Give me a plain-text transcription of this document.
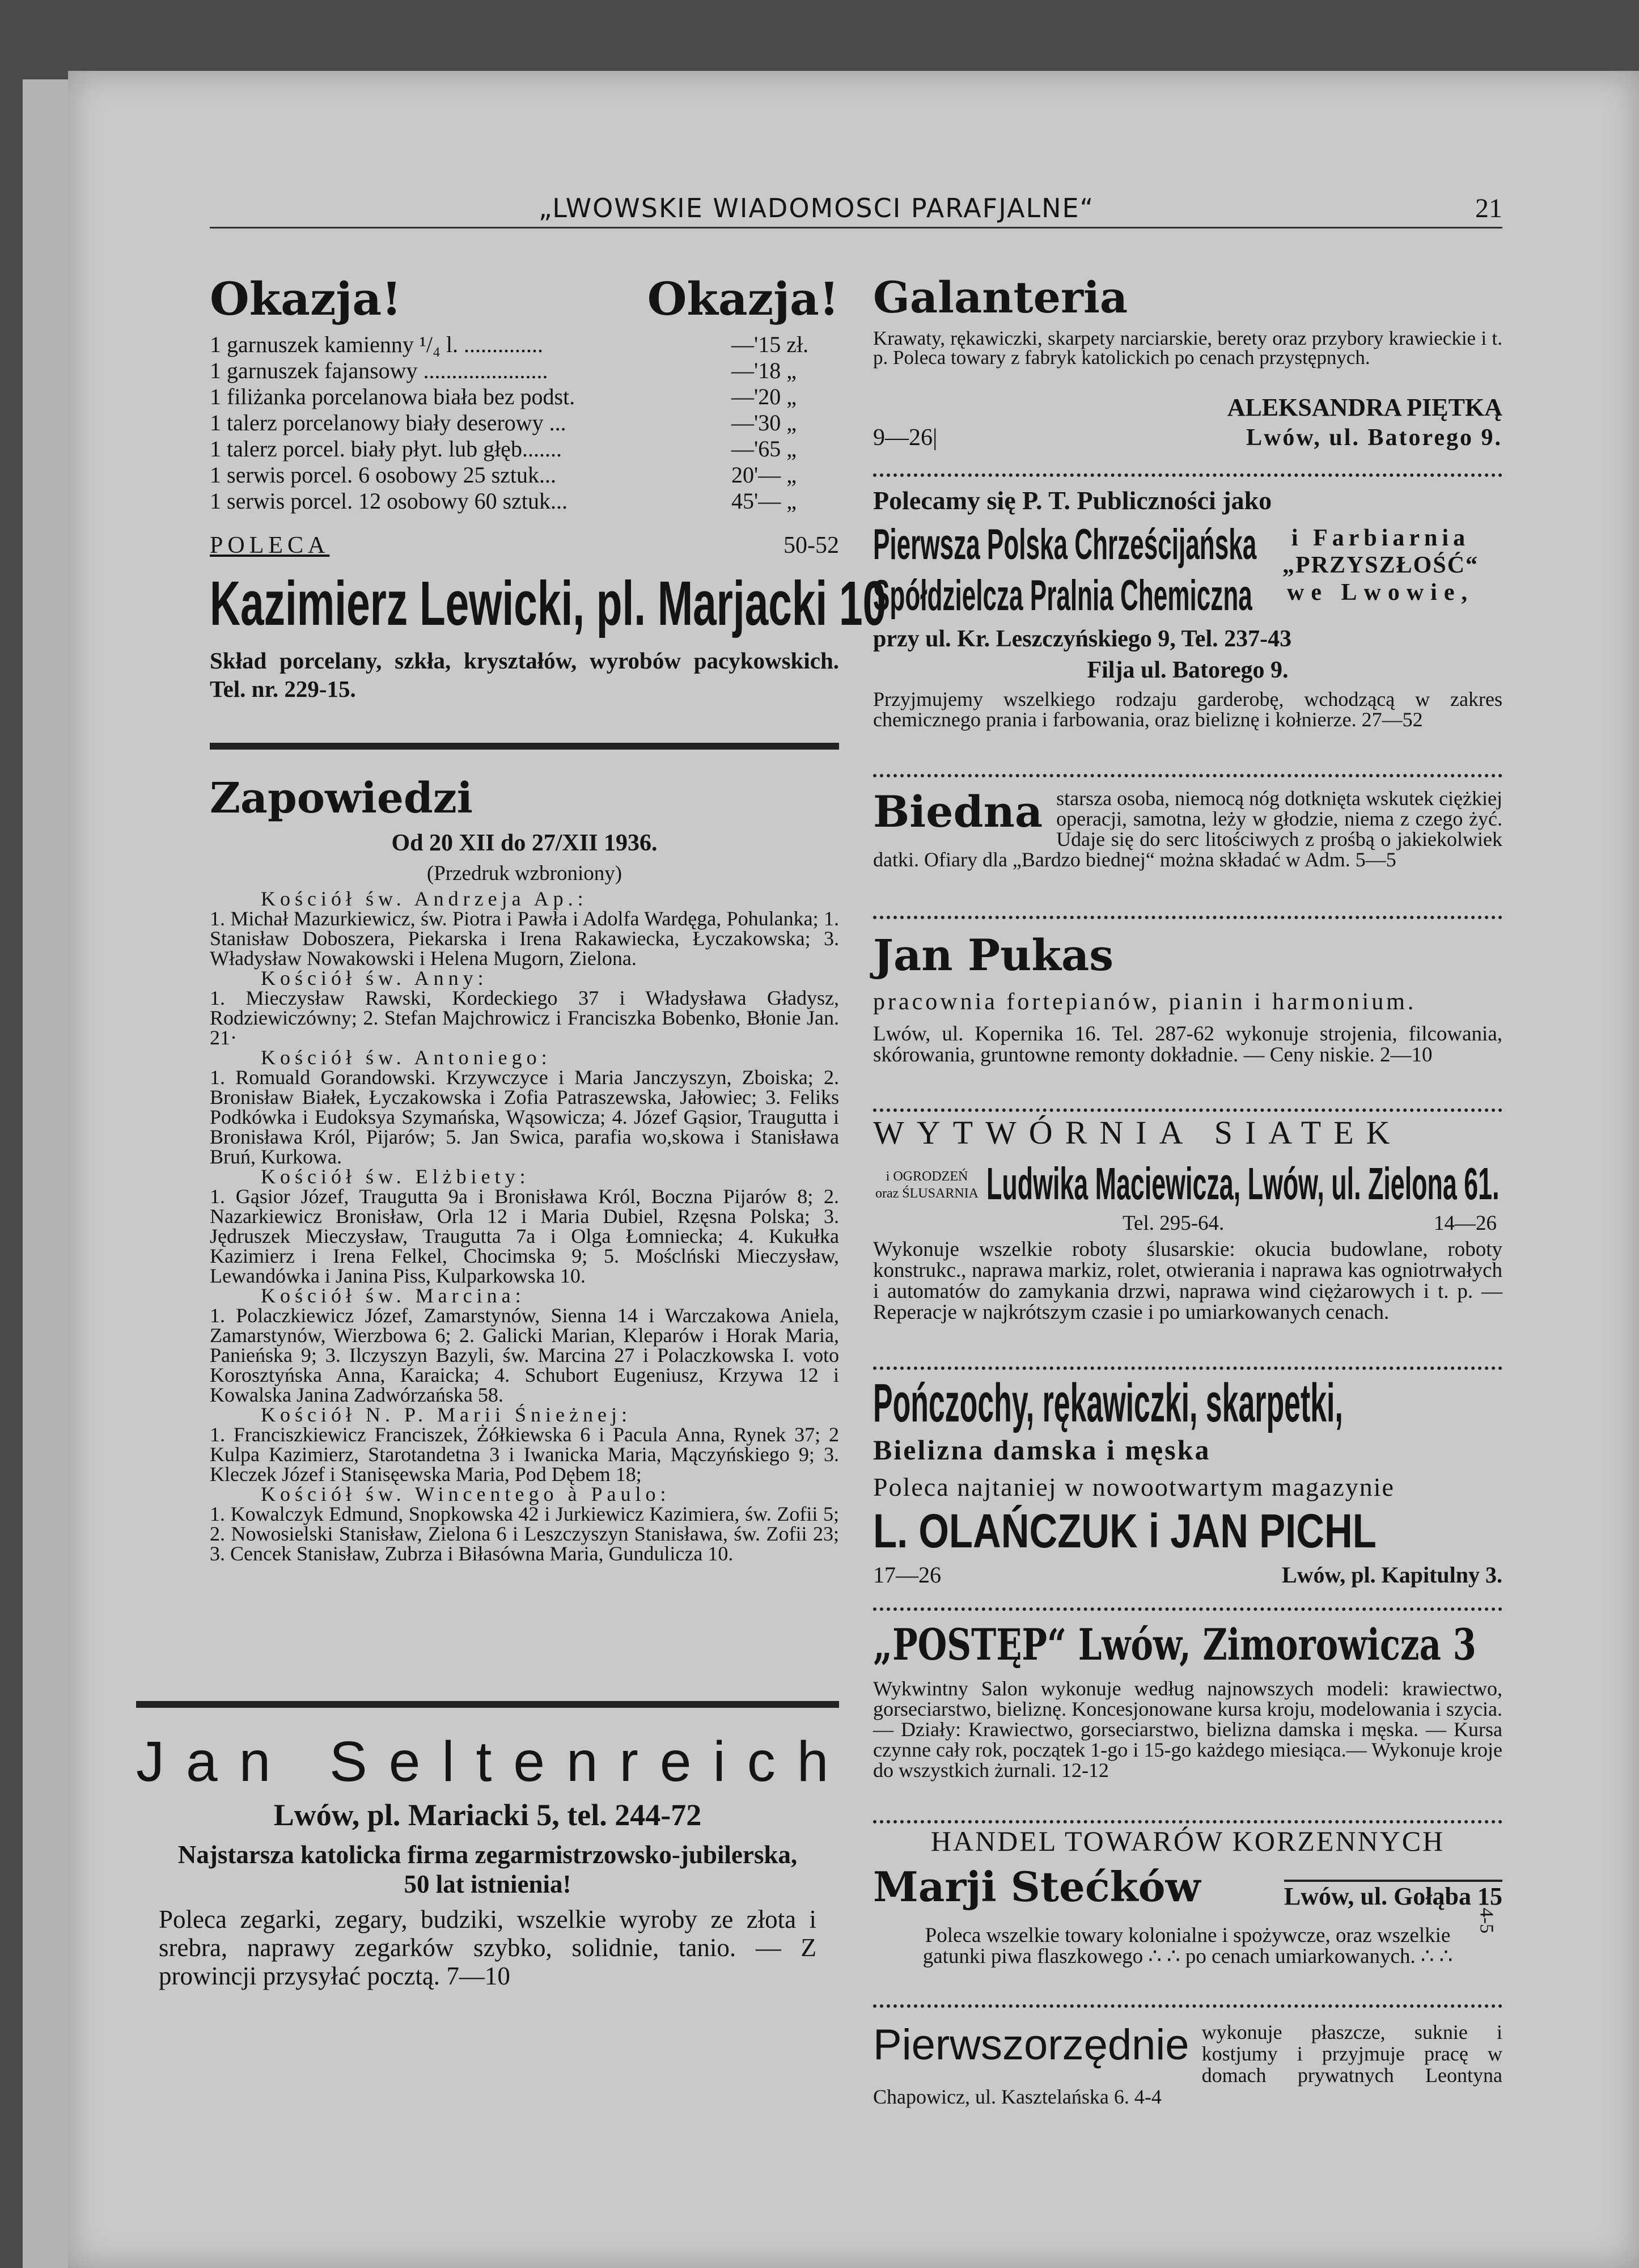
„LWOWSKIE WIADOMOSCI PARAFJALNE“	21
Okazja!	Okazja!
1 garnuszek kamienny ¹/₄ l. ..............	—'15 zł.
1 garnuszek fajansowy ......................	—'18 „
1 filiżanka porcelanowa biała bez podst.	—'20 „
1 talerz porcelanowy biały deserowy ...	—'30 „
1 talerz porcel. biały płyt. lub głęb.......	—'65 „
1 serwis porcel. 6 osobowy 25 sztuk...	20'— „
1 serwis porcel. 12 osobowy 60 sztuk...	45'— „
POLECA	50-52
Kazimierz Lewicki, pl. Marjacki 10
Skład porcelany, szkła, kryształów, wyrobów pacykowskich. Tel. nr. 229-15.
Zapowiedzi
Od 20 XII do 27/XII 1936.
(Przedruk wzbroniony)
Kościół św. Andrzeja Ap.:
1. Michał Mazurkiewicz, św. Piotra i Pawła i Adolfa Wardęga, Pohulanka; 1. Stanisław Doboszera, Piekarska i Irena Rakawiecka, Łyczakowska; 3. Władysław Nowakowski i Helena Mugorn, Zielona.
Kościół św. Anny:
1. Mieczysław Rawski, Kordeckiego 37 i Władysława Gładysz, Rodziewiczówny; 2. Stefan Majchrowicz i Franciszka Bobenko, Błonie Jan. 21·
Kościół św. Antoniego:
1. Romuald Gorandowski. Krzywczyce i Maria Janczyszyn, Zboiska; 2. Bronisław Białek, Łyczakowska i Zofia Patraszewska, Jałowiec; 3. Feliks Podkówka i Eudoksya Szymańska, Wąsowicza; 4. Józef Gąsior, Traugutta i Bronisława Król, Pijarów; 5. Jan Swica, parafia wo,skowa i Stanisława Bruń, Kurkowa.
Kościół św. Elżbiety:
1. Gąsior Józef, Traugutta 9a i Bronisława Król, Boczna Pijarów 8; 2. Nazarkiewicz Bronisław, Orla 12 i Maria Dubiel, Rzęsna Polska; 3. Jędruszek Mieczysław, Traugutta 7a i Olga Łomniecka; 4. Kukułka Kazimierz i Irena Felkel, Chocimska 9; 5. Mośclński Mieczysław, Lewandówka i Janina Piss, Kulparkowska 10.
Kościół św. Marcina:
1. Polaczkiewicz Józef, Zamarstynów, Sienna 14 i Warczakowa Aniela, Zamarstynów, Wierzbowa 6; 2. Galicki Marian, Kleparów i Horak Maria, Panieńska 9; 3. Ilczyszyn Bazyli, św. Marcina 27 i Polaczkowska I. voto Korosztyńska Anna, Karaicka; 4. Schubort Eugeniusz, Krzywa 12 i Kowalska Janina Zadwórzańska 58.
Kościół N. P. Marii Śnieżnej:
1. Franciszkiewicz Franciszek, Żółkiewska 6 i Paculа Anna, Rynek 37; 2 Kulpa Kazimierz, Starotandetna 3 i Iwanicka Maria, Mączyńskiego 9; 3. Kleczek Józef i Stanisęewska Maria, Pod Dębem 18;
Kościół św. Wincentego à Paulo:
1. Kowalczyk Edmund, Snopkowska 42 i Jurkiewicz Kazimiera, św. Zofii 5; 2. Nowosielski Stanisław, Zielona 6 i Leszczyszyn Stanisława, św. Zofii 23; 3. Cencek Stanisław, Zubrza i Biłasówna Maria, Gundulicza 10.
Jan Seltenreich
Lwów, pl. Mariacki 5, tel. 244-72
Najstarsza katolicka firma zegarmistrzowsko-jubilerska, 50 lat istnienia!
Poleca zegarki, zegary, budziki, wszelkie wyroby ze złota i srebra, naprawy zegarków szybko, solidnie, tanio. — Z prowincji przysyłać pocztą. 7—10
Galanteria
Krawaty, rękawiczki, skarpety narciarskie, berety oraz przybory krawieckie i t. p. Poleca towary z fabryk katolickich po cenach przystępnych.
ALEKSANDRA PIĘTKĄ
9—26|	Lwów, ul. Batorego 9.
Polecamy się P. T. Publiczności jako
Pierwsza Polska Chrześcijańska
Spółdzielcza Pralnia Chemiczna
i Farbiarnia
„PRZYSZŁOŚĆ“
we Lwowie,
przy ul. Kr. Leszczyńskiego 9, Tel. 237-43
Filja ul. Batorego 9.
Przyjmujemy wszelkiego rodzaju garderobę, wchodzącą w zakres chemicznego prania i farbowania, oraz bieliznę i kołnierze. 27—52
Biedna starsza osoba, niemocą nóg dotknięta wskutek ciężkiej operacji, samotna, leży w głodzie, niema z czego żyć. Udaje się do serc litościwych z prośbą o jakiekolwiek datki. Ofiary dla „Bardzo biednej“ można składać w Adm. 5—5
Jan Pukas
pracownia fortepianów, pianin i harmonium.
Lwów, ul. Kopernika 16. Tel. 287-62 wykonuje strojenia, filcowania, skórowania, gruntowne remonty dokładnie. — Ceny niskie. 2—10
WYTWÓRNIA SIATEK
i OGRODZEŃ
oraz ŚLUSARNIA Ludwika Maciewicza, Lwów, ul. Zielona 61.
Tel. 295-64.	14—26
Wykonuje wszelkie roboty ślusarskie: okucia budowlane, roboty konstrukc., naprawa markiz, rolet, otwierania i naprawa kas ogniotrwałych i automatów do zamykania drzwi, naprawa wind ciężarowych i t. p. — Reperacje w najkrótszym czasie i po umiarkowanych cenach.
Pończochy, rękawiczki, skarpetki,
Bielizna damska i męska
Poleca najtaniej w nowootwartym magazynie
L. OLAŃCZUK i JAN PICHL
17—26	Lwów, pl. Kapitulny 3.
„POSTĘP“ Lwów, Zimorowicza 3
Wykwintny Salon wykonuje według najnowszych modeli: krawiectwo, gorseciarstwo, bieliznę. Koncesjonowane kursa kroju, modelowania i szycia. — Działy: Krawiectwo, gorseciarstwo, bielizna damska i męska. — Kursa czynne cały rok, początek 1-go i 15-go każdego miesiąca.— Wykonuje kroje do wszystkich żurnali. 12-12
HANDEL TOWARÓW KORZENNYCH
Marji Stećków	Lwów, ul. Gołąba 15
Poleca wszelkie towary kolonialne i spożywcze, oraz wszelkie gatunki piwa flaszkowego ∴ ∴ po cenach umiarkowanych. ∴ ∴
4-5
Pierwszorzędnie wykonuje płaszcze, suknie i kostjumy i przyjmuje pracę w domach prywatnych Leontyna Chapowicz, ul. Kasztelańska 6. 4-4
